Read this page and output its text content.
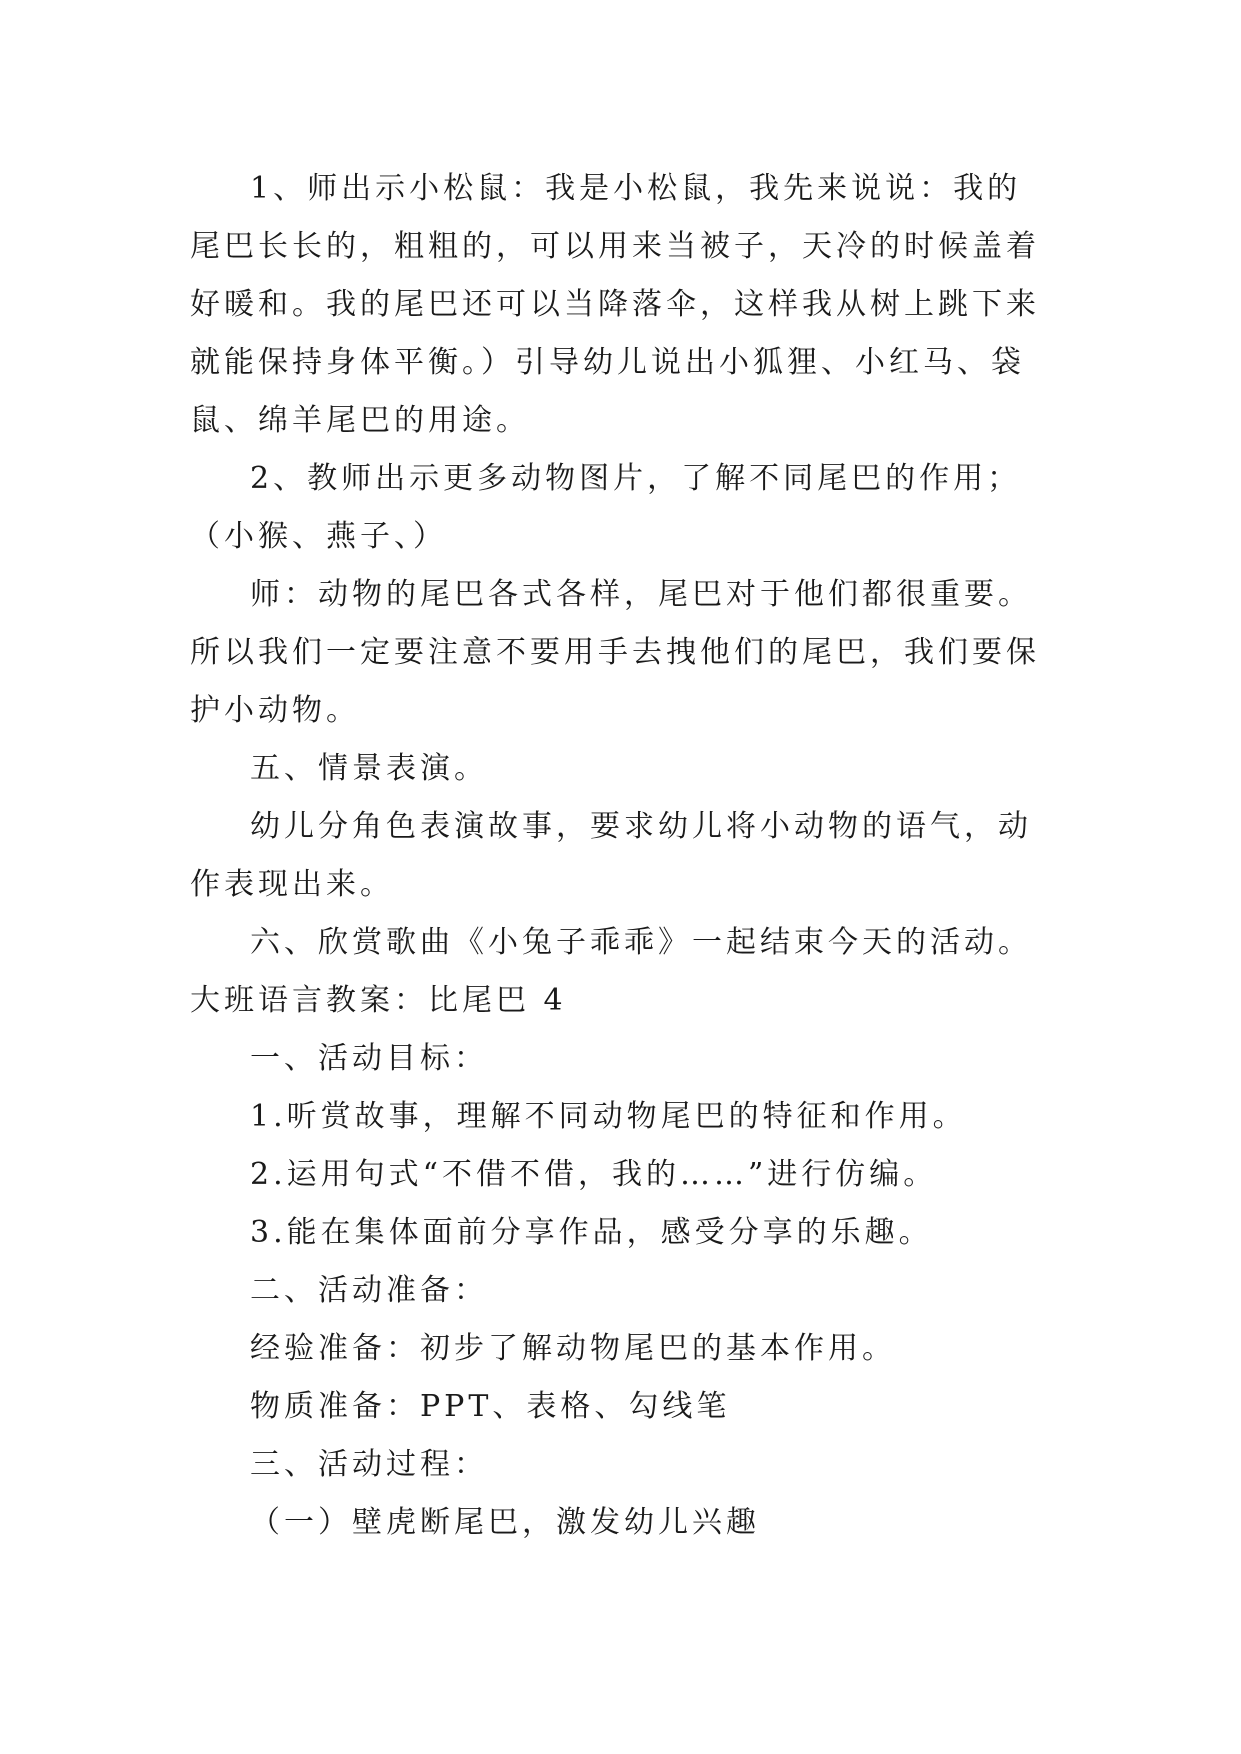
1、师出示小松鼠：我是小松鼠，我先来说说：我的尾巴长长的，粗粗的，可以用来当被子，天冷的时候盖着好暖和。我的尾巴还可以当降落伞，这样我从树上跳下来就能保持身体平衡。）引导幼儿说出小狐狸、小红马、袋鼠、绵羊尾巴的用途。

2、教师出示更多动物图片，了解不同尾巴的作用；（小猴、燕子、）

师：动物的尾巴各式各样，尾巴对于他们都很重要。所以我们一定要注意不要用手去拽他们的尾巴，我们要保护小动物。

五、情景表演。

幼儿分角色表演故事，要求幼儿将小动物的语气，动作表现出来。

六、欣赏歌曲《小兔子乖乖》一起结束今天的活动。

大班语言教案：比尾巴 4

一、活动目标：

1.听赏故事，理解不同动物尾巴的特征和作用。

2.运用句式“不借不借，我的……”进行仿编。

3.能在集体面前分享作品，感受分享的乐趣。

二、活动准备：

经验准备：初步了解动物尾巴的基本作用。

物质准备：PPT、表格、勾线笔

三、活动过程：

（一）壁虎断尾巴，激发幼儿兴趣
